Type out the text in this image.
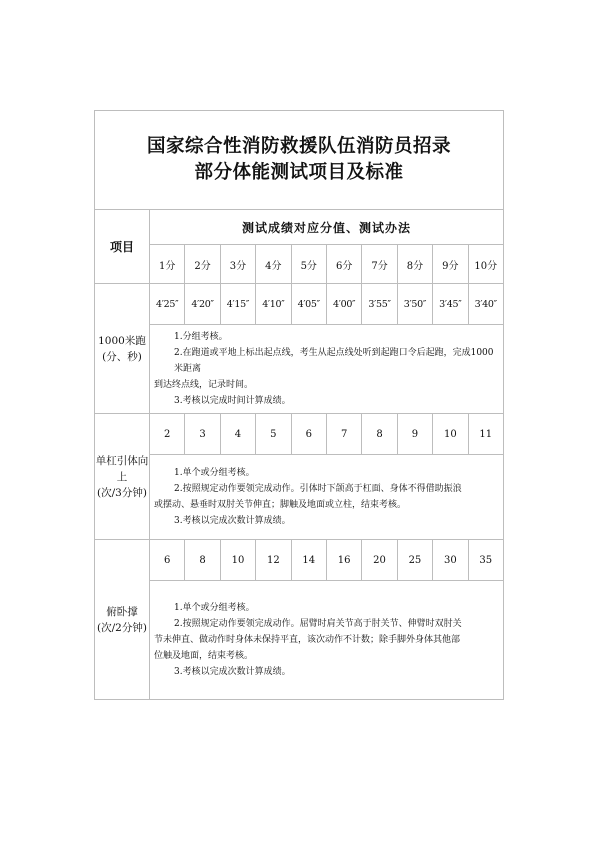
国家综合性消防救援队伍消防员招录
部分体能测试项目及标准
项目	测试成绩对应分值、测试办法									
	1分	2分	3分	4分	5分	6分	7分	8分	9分	10分
1000米跑
(分、秒)	4′25″	4′20″	4′15″	4′10″	4′05″	4′00″	3′55″	3′50″	3′45″	3′40″

	1.分组考核。
2.在跑道或平地上标出起点线，考生从起点线处听到起跑口令后起跑，完成1000米距离
到达终点线，记录时间。
3.考核以完成时间计算成绩。									

单杠引体向上
(次/3分钟)	2	3	4	5	6	7	8	9	10	11

	1.单个或分组考核。
2.按照规定动作要领完成动作。引体时下颌高于杠面、身体不得借助振浪
或摆动、悬垂时双肘关节伸直；脚触及地面或立柱，结束考核。
3.考核以完成次数计算成绩。									

俯卧撑
(次/2分钟)	6	8	10	12	14	16	20	25	30	35

	1.单个或分组考核。
2.按照规定动作要领完成动作。屈臂时肩关节高于肘关节、伸臂时双肘关
节未伸直、做动作时身体未保持平直，该次动作不计数；除手脚外身体其他部
位触及地面，结束考核。
3.考核以完成次数计算成绩。									
